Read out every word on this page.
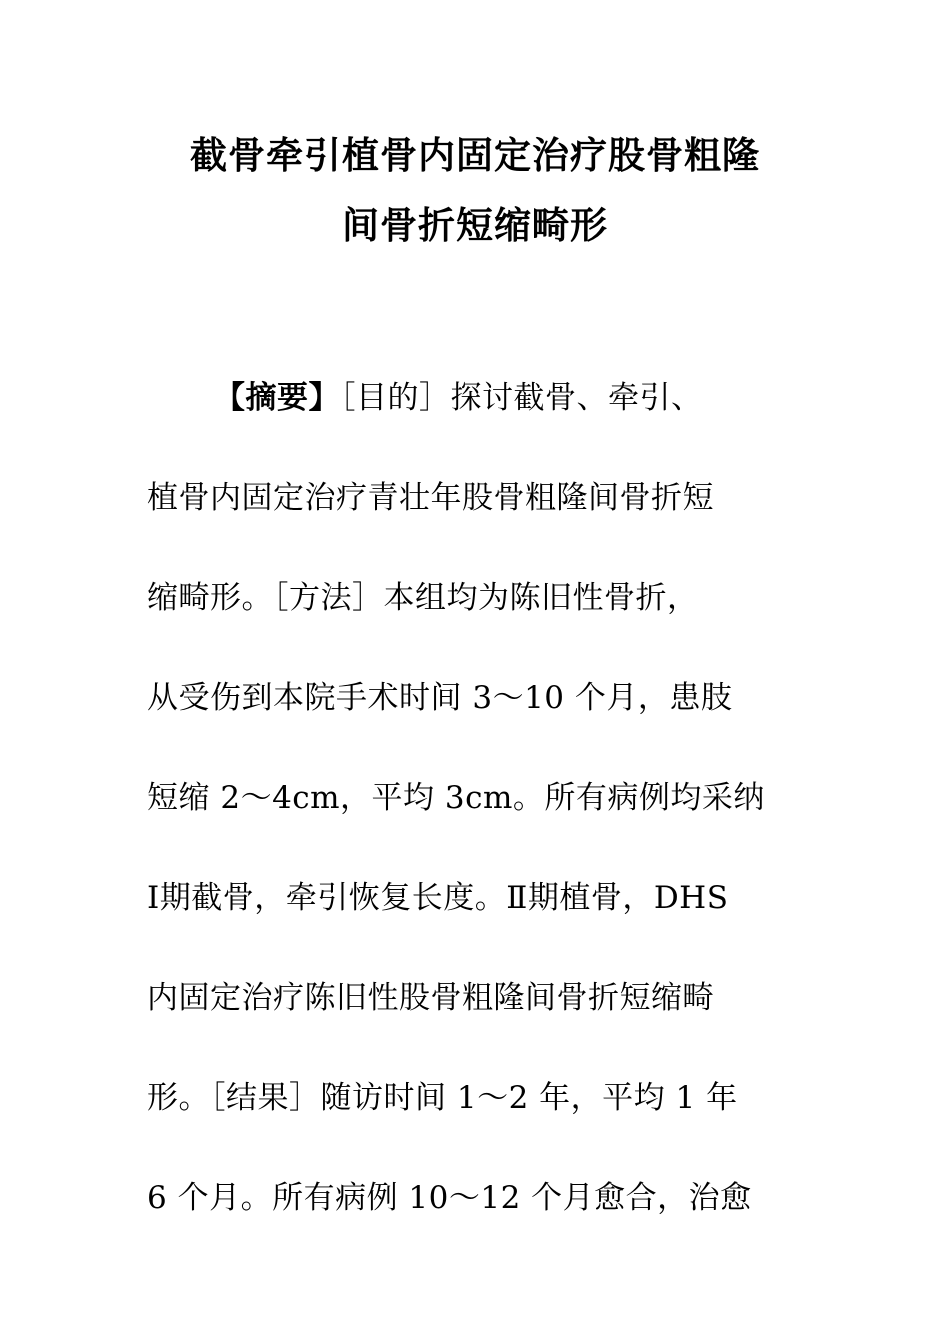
截骨牵引植骨内固定治疗股骨粗隆
间骨折短缩畸形
【摘要】［目的］探讨截骨、牵引、
植骨内固定治疗青壮年股骨粗隆间骨折短
缩畸形。［方法］本组均为陈旧性骨折，
从受伤到本院手术时间 3～10 个月，患肢
短缩 2～4cm，平均 3cm。所有病例均采纳
Ⅰ期截骨，牵引恢复长度。Ⅱ期植骨，DHS
内固定治疗陈旧性股骨粗隆间骨折短缩畸
形。［结果］随访时间 1～2 年，平均 1 年
6 个月。所有病例 10～12 个月愈合，治愈
